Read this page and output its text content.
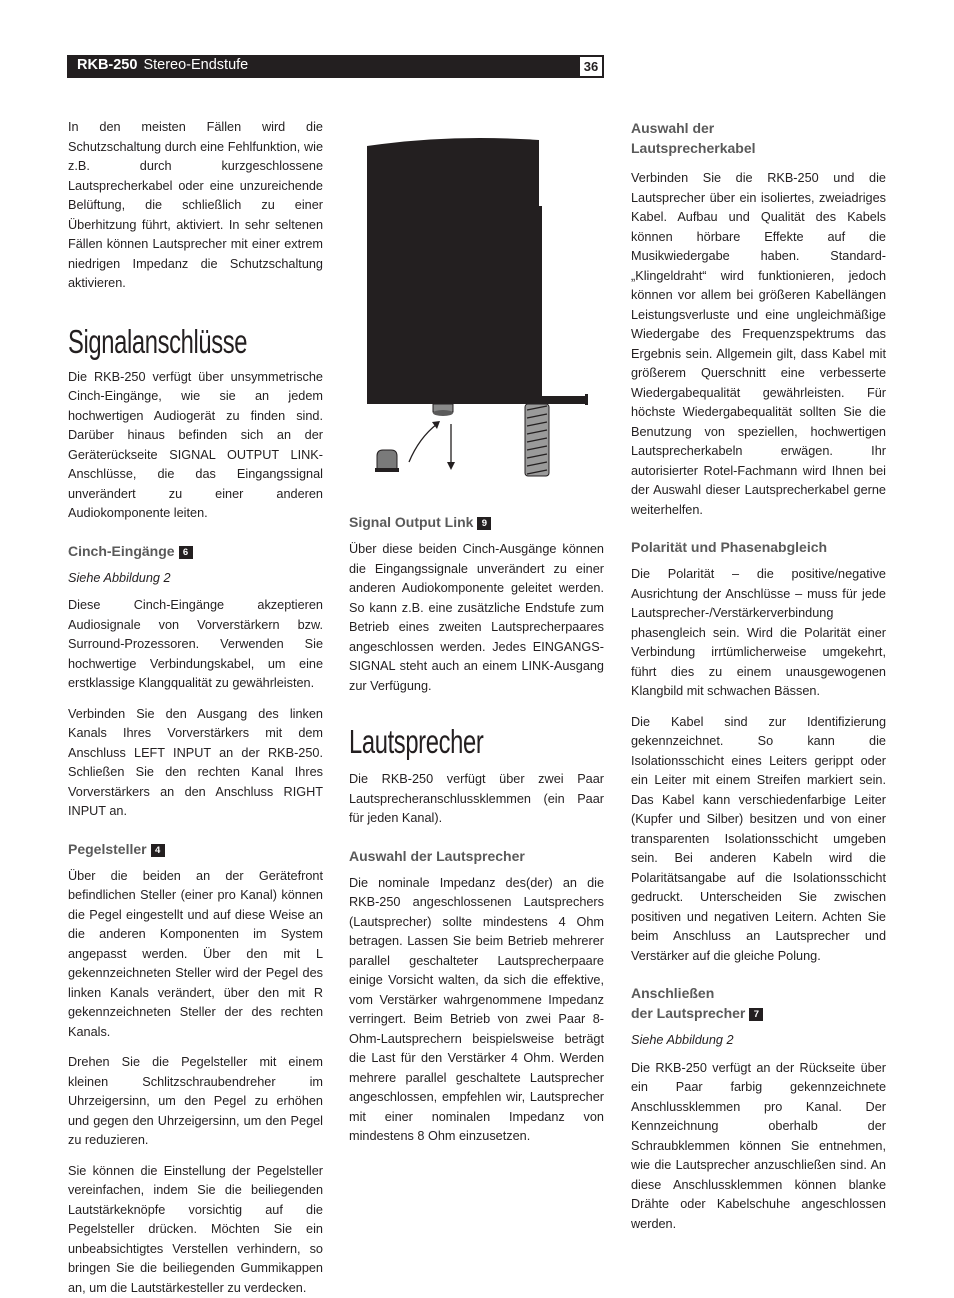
RKB-250 Stereo-Endstufe	36

In den meisten Fällen wird die Schutzschaltung durch eine Fehlfunktion, wie z.B. durch kurzgeschlossene Lautsprecherkabel oder eine unzureichende Belüftung, die schließlich zu einer Überhitzung führt, aktiviert. In sehr seltenen Fällen können Lautsprecher mit einer extrem niedrigen Impedanz die Schutzschaltung aktivieren.

Signalanschlüsse

Die RKB-250 verfügt über unsymmetrische Cinch-Eingänge, wie sie an jedem hochwertigen Audiogerät zu finden sind. Darüber hinaus befinden sich an der Geräterückseite SIGNAL OUTPUT LINK-Anschlüsse, die das Eingangssignal unverändert zu einer anderen Audiokomponente leiten.

Cinch-Eingänge 6

Siehe Abbildung 2

Diese Cinch-Eingänge akzeptieren Audiosignale von Vorverstärkern bzw. Surround-Prozessoren. Verwenden Sie hochwertige Verbindungskabel, um eine erstklassige Klangqualität zu gewährleisten.

Verbinden Sie den Ausgang des linken Kanals Ihres Vorverstärkers mit dem Anschluss LEFT INPUT an der RKB-250. Schließen Sie den rechten Kanal Ihres Vorverstärkers an den Anschluss RIGHT INPUT an.

Pegelsteller 4

Über die beiden an der Gerätefront befindlichen Steller (einer pro Kanal) können die Pegel eingestellt und auf diese Weise an die anderen Komponenten im System angepasst werden. Über den mit L gekennzeichneten Steller wird der Pegel des linken Kanals verändert, über den mit R gekennzeichneten Steller der des rechten Kanals.

Drehen Sie die Pegelsteller mit einem kleinen Schlitzschraubendreher im Uhrzeigersinn, um den Pegel zu erhöhen und gegen den Uhrzeigersinn, um den Pegel zu reduzieren.

Sie können die Einstellung der Pegelsteller vereinfachen, indem Sie die beiliegenden Lautstärkeknöpfe vorsichtig auf die Pegelsteller drücken. Möchten Sie ein unbeabsichtigtes Verstellen verhindern, so bringen Sie die beiliegenden Gummikappen an, um die Lautstärkesteller zu verdecken.

Signal Output Link 9

Über diese beiden Cinch-Ausgänge können die Eingangssignale unverändert zu einer anderen Audiokomponente geleitet werden. So kann z.B. eine zusätzliche Endstufe zum Betrieb eines zweiten Lautsprecherpaares angeschlossen werden. Jedes EINGANGS-SIGNAL steht auch an einem LINK-Ausgang zur Verfügung.

Lautsprecher

Die RKB-250 verfügt über zwei Paar Lautsprecheranschlussklemmen (ein Paar für jeden Kanal).

Auswahl der Lautsprecher

Die nominale Impedanz des(der) an die RKB-250 angeschlossenen Lautsprechers (Lautsprecher) sollte mindestens 4 Ohm betragen. Lassen Sie beim Betrieb mehrerer parallel geschalteter Lautsprecherpaare einige Vorsicht walten, da sich die effektive, vom Verstärker wahrgenommene Impedanz verringert. Beim Betrieb von zwei Paar 8-Ohm-Lautsprechern beispielsweise beträgt die Last für den Verstärker 4 Ohm. Werden mehrere parallel geschaltete Lautsprecher angeschlossen, empfehlen wir, Lautsprecher mit einer nominalen Impedanz von mindestens 8 Ohm einzusetzen.

Auswahl der
Lautsprecherkabel

Verbinden Sie die RKB-250 und die Lautsprecher über ein isoliertes, zweiadriges Kabel. Aufbau und Qualität des Kabels können hörbare Effekte auf die Musikwiedergabe haben. Standard-„Klingeldraht“ wird funktionieren, jedoch können vor allem bei größeren Kabellängen Leistungsverluste und eine ungleichmäßige Wiedergabe des Frequenzspektrums das Ergebnis sein. Allgemein gilt, dass Kabel mit größerem Querschnitt eine verbesserte Wiedergabequalität gewährleisten. Für höchste Wiedergabequalität sollten Sie die Benutzung von speziellen, hochwertigen Lautsprecherkabeln erwägen. Ihr autorisierter Rotel-Fachmann wird Ihnen bei der Auswahl dieser Lautsprecherkabel gerne weiterhelfen.

Polarität und Phasenabgleich

Die Polarität – die positive/negative Ausrichtung der Anschlüsse – muss für jede Lautsprecher-/Verstärkerverbindung phasengleich sein. Wird die Polarität einer Verbindung irrtümlicherweise umgekehrt, führt dies zu einem unausgewogenen Klangbild mit schwachen Bässen.

Die Kabel sind zur Identifizierung gekennzeichnet. So kann die Isolationsschicht eines Leiters gerippt oder ein Leiter mit einem Streifen markiert sein. Das Kabel kann verschiedenfarbige Leiter (Kupfer und Silber) besitzen und von einer transparenten Isolationsschicht umgeben sein. Bei anderen Kabeln wird die Polaritätsangabe auf die Isolationsschicht gedruckt. Unterscheiden Sie zwischen positiven und negativen Leitern. Achten Sie beim Anschluss an Lautsprecher und Verstärker auf die gleiche Polung.

Anschließen
der Lautsprecher 7

Siehe Abbildung 2

Die RKB-250 verfügt an der Rückseite über ein Paar farbig gekennzeichnete Anschlussklemmen pro Kanal. Der Kennzeichnung oberhalb der Schraubklemmen können Sie entnehmen, wie die Lautsprecher anzuschließen sind. An diese Anschlussklemmen können blanke Drähte oder Kabelschuhe angeschlossen werden.
